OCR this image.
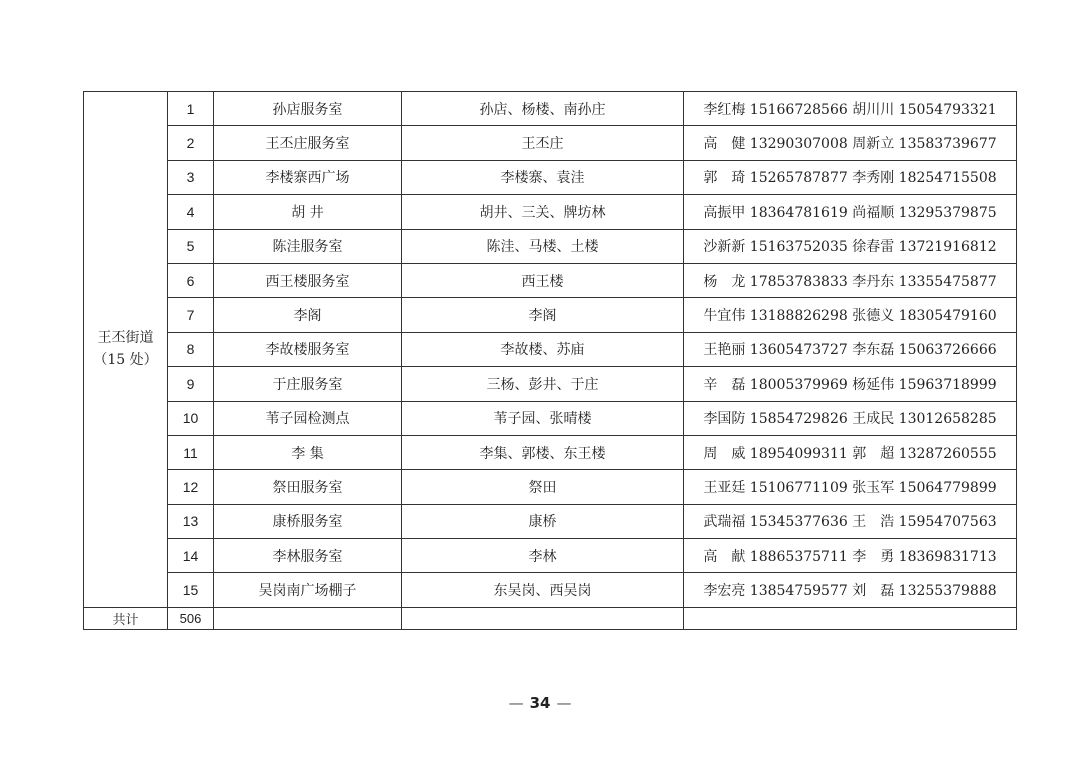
王丕街道
（15 处）	1	孙店服务室	孙店、杨楼、南孙庄	李红梅 15166728566 胡川川 15054793321
	2	王丕庄服务室	王丕庄	高　健 13290307008 周新立 13583739677
	3	李楼寨西广场	李楼寨、袁洼	郭　琦 15265787877 李秀刚 18254715508
	4	胡 井	胡井、三关、牌坊林	高振甲 18364781619 尚福顺 13295379875
	5	陈洼服务室	陈洼、马楼、土楼	沙新新 15163752035 徐春雷 13721916812
	6	西王楼服务室	西王楼	杨　龙 17853783833 李丹东 13355475877
	7	李阁	李阁	牛宜伟 13188826298 张德义 18305479160
	8	李故楼服务室	李故楼、苏庙	王艳丽 13605473727 李东磊 15063726666
	9	于庄服务室	三杨、彭井、于庄	辛　磊 18005379969 杨延伟 15963718999
	10	苇子园检测点	苇子园、张晴楼	李国防 15854729826 王成民 13012658285
	11	李 集	李集、郭楼、东王楼	周　威 18954099311 郭　超 13287260555
	12	祭田服务室	祭田	王亚廷 15106771109 张玉军 15064779899
	13	康桥服务室	康桥	武瑞福 15345377636 王　浩 15954707563
	14	李林服务室	李林	高　献 18865375711 李　勇 18369831713
	15	吴岗南广场棚子	东吴岗、西吴岗	李宏亮 13854759577 刘　磊 13255379888
共计	506			
— 34 —
